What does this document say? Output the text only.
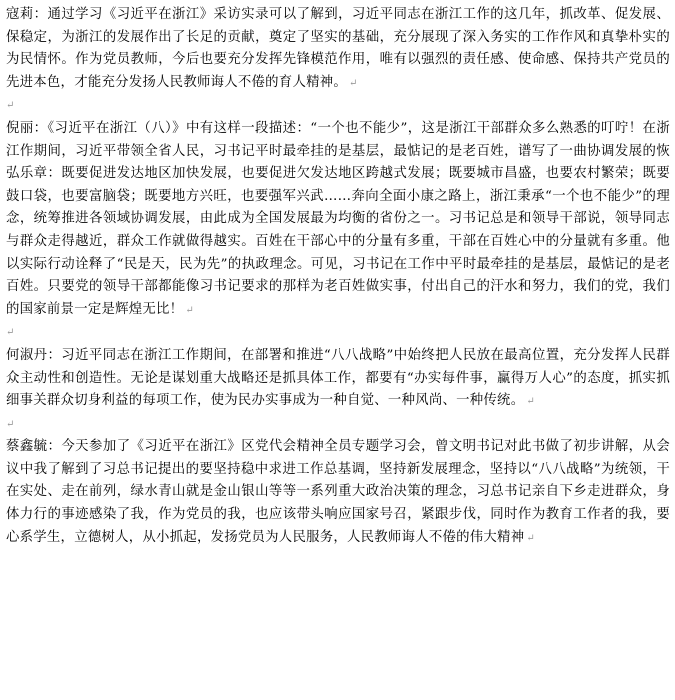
寇莉：通过学习《习近平在浙江》采访实录可以了解到，习近平同志在浙江工作的这几年，抓改革、促发展、保稳定，为浙江的发展作出了长足的贡献，奠定了坚实的基础，充分展现了深入务实的工作作风和真挚朴实的为民情怀。作为党员教师，今后也要充分发挥先锋模范作用，唯有以强烈的责任感、使命感、保持共产党员的先进本色，才能充分发扬人民教师诲人不倦的育人精神。 ↵

↵

倪丽：《习近平在浙江（八）》中有这样一段描述：“一个也不能少”，这是浙江干部群众多么熟悉的叮咛！在浙江作期间，习近平带领全省人民，习书记平时最牵挂的是基层，最惦记的是老百姓，谱写了一曲协调发展的恢弘乐章：既要促进发达地区加快发展，也要促进欠发达地区跨越式发展；既要城市昌盛，也要农村繁荣；既要鼓口袋，也要富脑袋；既要地方兴旺，也要强军兴武……奔向全面小康之路上，浙江秉承“一个也不能少”的理念，统筹推进各领域协调发展，由此成为全国发展最为均衡的省份之一。习书记总是和领导干部说，领导同志与群众走得越近，群众工作就做得越实。百姓在干部心中的分量有多重，干部在百姓心中的分量就有多重。他以实际行动诠释了“民是天，民为先”的执政理念。可见，习书记在工作中平时最牵挂的是基层，最惦记的是老百姓。只要党的领导干部都能像习书记要求的那样为老百姓做实事，付出自己的汗水和努力，我们的党，我们的国家前景一定是辉煌无比！ ↵

↵

何淑丹：习近平同志在浙江工作期间，在部署和推进“八八战略”中始终把人民放在最高位置，充分发挥人民群众主动性和创造性。无论是谋划重大战略还是抓具体工作，都要有“办实每件事，赢得万人心”的态度，抓实抓细事关群众切身利益的每项工作，使为民办实事成为一种自觉、一种风尚、一种传统。 ↵

↵

蔡鑫毓：今天参加了《习近平在浙江》区党代会精神全员专题学习会，曾文明书记对此书做了初步讲解，从会议中我了解到了习总书记提出的要坚持稳中求进工作总基调，坚持新发展理念，坚持以“八八战略”为统领，干在实处、走在前列，绿水青山就是金山银山等等一系列重大政治决策的理念，习总书记亲自下乡走进群众，身体力行的事迹感染了我，作为党员的我，也应该带头响应国家号召，紧跟步伐，同时作为教育工作者的我，要心系学生，立德树人，从小抓起，发扬党员为人民服务，人民教师诲人不倦的伟大精神 ↵
